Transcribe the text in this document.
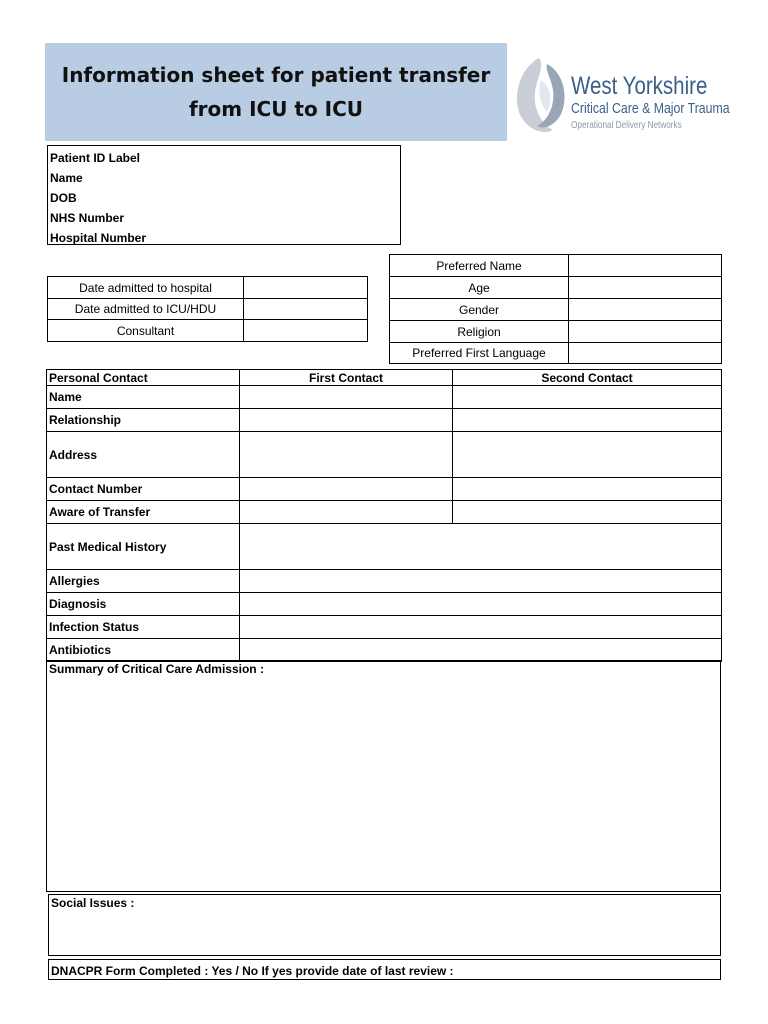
Information sheet for patient transfer
from ICU to ICU
West Yorkshire
Critical Care & Major Trauma
Operational Delivery Networks
Patient ID Label
Name
DOB
NHS Number
Hospital Number
Date admitted to hospital	
Date admitted to ICU/HDU	
Consultant	
Preferred Name	
Age	
Gender	
Religion	
Preferred First Language	
Personal Contact	First Contact	Second Contact
Name		
Relationship		
Address		
Contact Number		
Aware of Transfer		
Past Medical History		
Allergies		
Diagnosis		
Infection Status		
Antibiotics		
Summary of Critical Care Admission :
Social Issues :
DNACPR Form Completed : Yes / No If yes provide date of last review :
